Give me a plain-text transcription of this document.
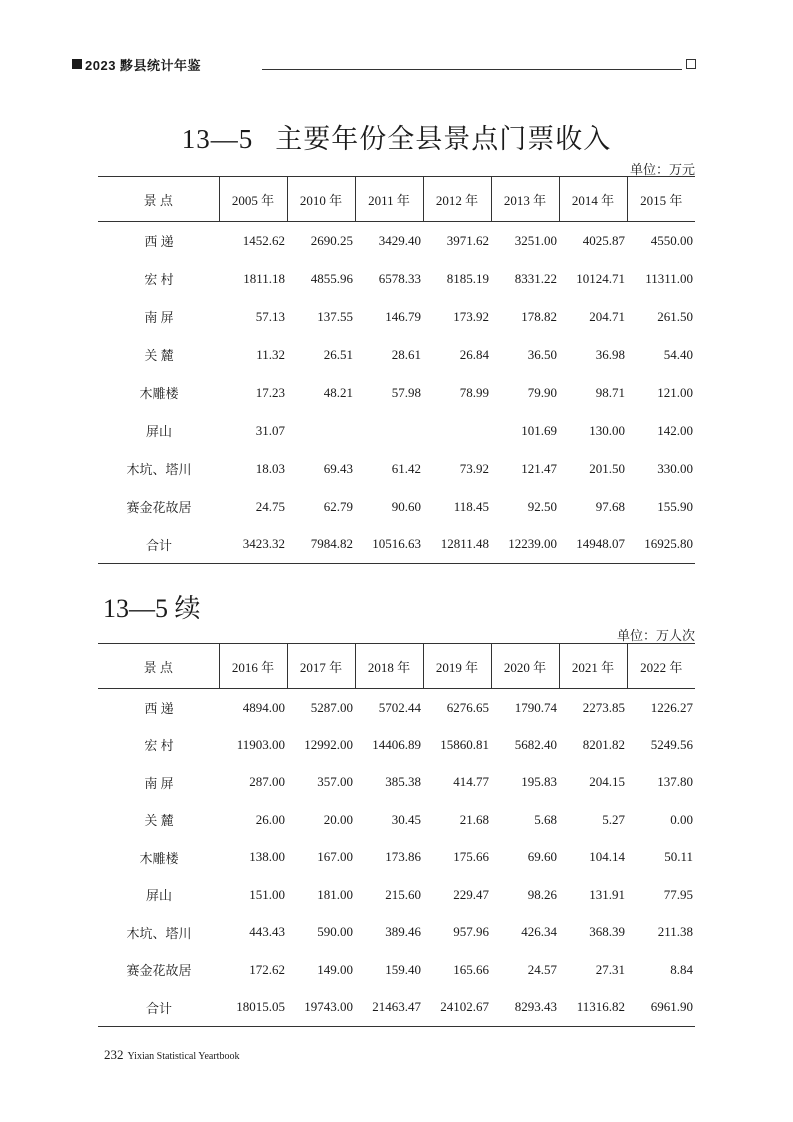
2023 黟县统计年鉴
13—5 主要年份全县景点门票收入
单位：万元
景 点	2005 年	2010 年	2011 年	2012 年	2013 年	2014 年	2015 年
西 递	1452.62	2690.25	3429.40	3971.62	3251.00	4025.87	4550.00
宏 村	1811.18	4855.96	6578.33	8185.19	8331.22	10124.71	11311.00
南 屏	57.13	137.55	146.79	173.92	178.82	204.71	261.50
关 麓	11.32	26.51	28.61	26.84	36.50	36.98	54.40
木雕楼	17.23	48.21	57.98	78.99	79.90	98.71	121.00
屏山	31.07				101.69	130.00	142.00
木坑、塔川	18.03	69.43	61.42	73.92	121.47	201.50	330.00
赛金花故居	24.75	62.79	90.60	118.45	92.50	97.68	155.90
合计	3423.32	7984.82	10516.63	12811.48	12239.00	14948.07	16925.80
13—5 续
单位：万人次
景 点	2016 年	2017 年	2018 年	2019 年	2020 年	2021 年	2022 年
西 递	4894.00	5287.00	5702.44	6276.65	1790.74	2273.85	1226.27
宏 村	11903.00	12992.00	14406.89	15860.81	5682.40	8201.82	5249.56
南 屏	287.00	357.00	385.38	414.77	195.83	204.15	137.80
关 麓	26.00	20.00	30.45	21.68	5.68	5.27	0.00
木雕楼	138.00	167.00	173.86	175.66	69.60	104.14	50.11
屏山	151.00	181.00	215.60	229.47	98.26	131.91	77.95
木坑、塔川	443.43	590.00	389.46	957.96	426.34	368.39	211.38
赛金花故居	172.62	149.00	159.40	165.66	24.57	27.31	8.84
合计	18015.05	19743.00	21463.47	24102.67	8293.43	11316.82	6961.90
232 Yixian Statistical Yeartbook
